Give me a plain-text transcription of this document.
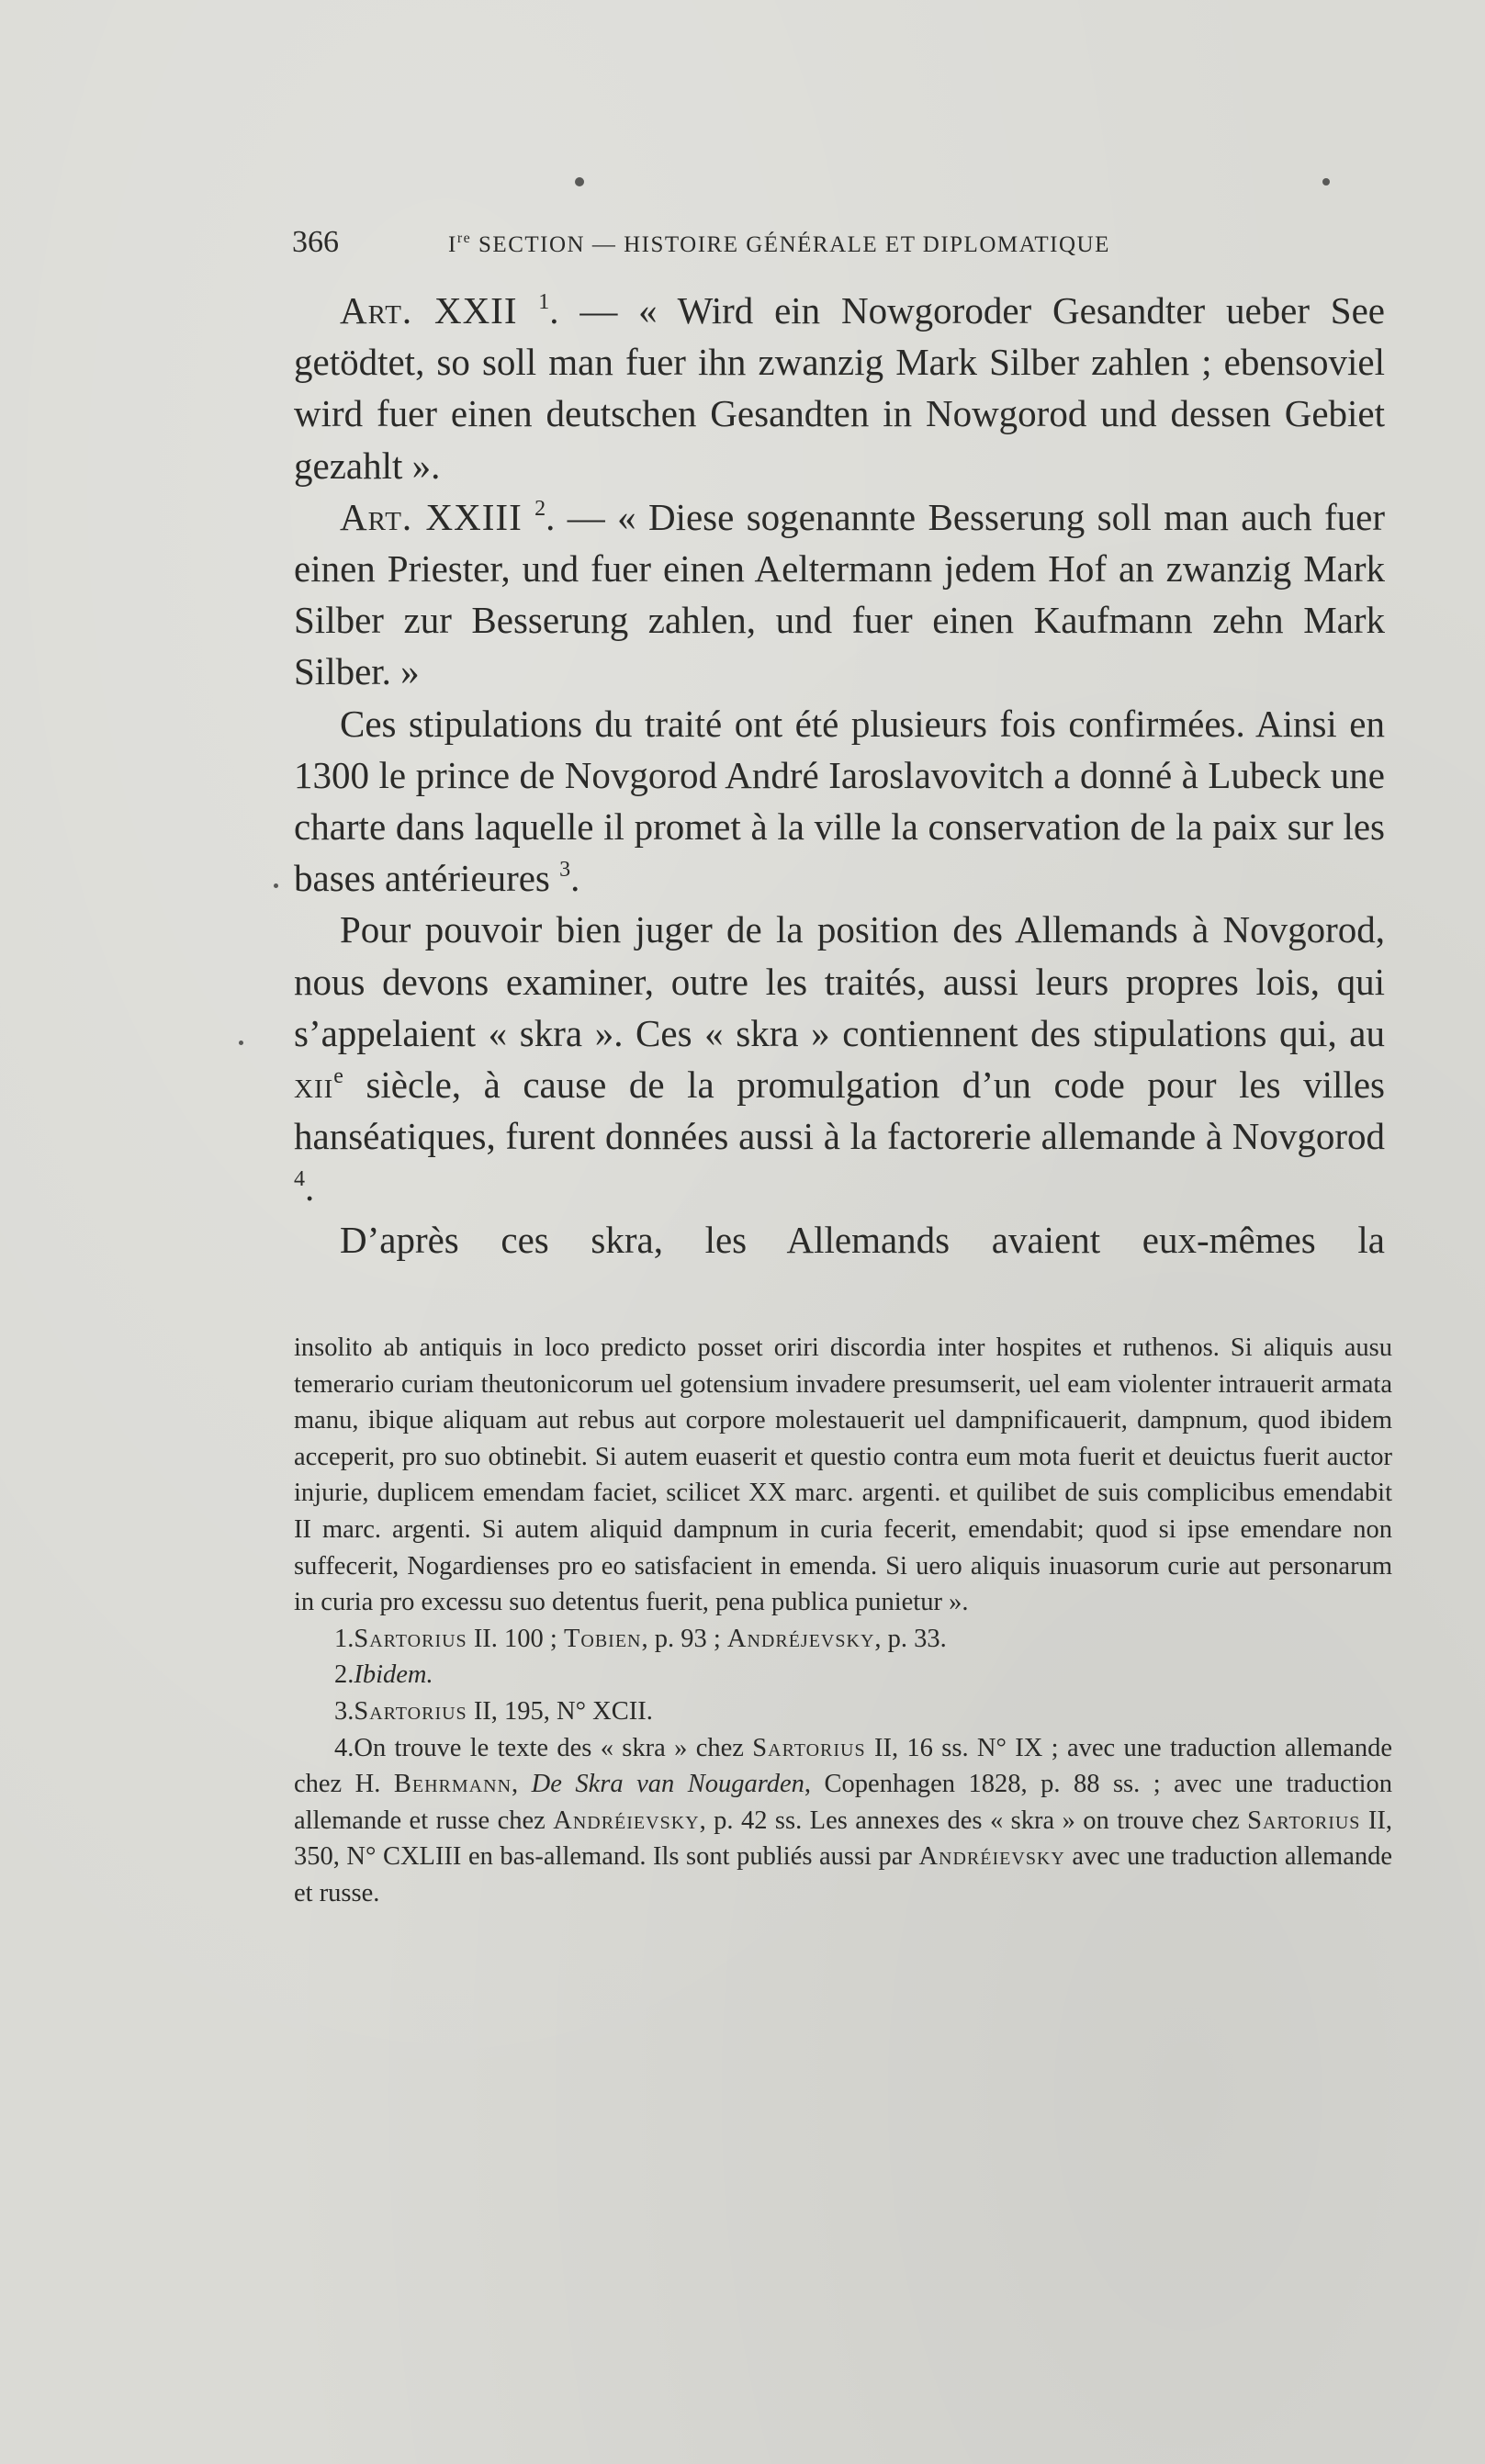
366	Ire SECTION — HISTOIRE GÉNÉRALE ET DIPLOMATIQUE

Art. XXII $^1$. — « Wird ein Nowgoroder Gesandter ueber See getödtet, so soll man fuer ihn zwanzig Mark Silber zahlen ; ebensoviel wird fuer einen deutschen Gesandten in Nowgorod und dessen Gebiet gezahlt ».

Art. XXIII $^2$. — « Diese sogenannte Besserung soll man auch fuer einen Priester, und fuer einen Aeltermann jedem Hof an zwanzig Mark Silber zur Besserung zahlen, und fuer einen Kaufmann zehn Mark Silber. »

Ces stipulations du traité ont été plusieurs fois confirmées. Ainsi en 1300 le prince de Novgorod André Iaroslavovitch a donné à Lubeck une charte dans laquelle il promet à la ville la conservation de la paix sur les bases antérieures $^3$.

Pour pouvoir bien juger de la position des Allemands à Novgorod, nous devons examiner, outre les traités, aussi leurs propres lois, qui s’appelaient « skra ». Ces « skra » contiennent des stipulations qui, au xii$^e$ siècle, à cause de la promulgation d’un code pour les villes hanséatiques, furent données aussi à la factorerie allemande à Novgorod $^4$.

D’après ces skra, les Allemands avaient eux-mêmes la

insolito ab antiquis in loco predicto posset oriri discordia inter hospites et ruthenos. Si aliquis ausu temerario curiam theutonicorum uel gotensium invadere presumserit, uel eam violenter intrauerit armata manu, ibique aliquam aut rebus aut corpore molestauerit uel dampnificauerit, dampnum, quod ibidem acceperit, pro suo obtinebit. Si autem euaserit et questio contra eum mota fuerit et deuictus fuerit auctor injurie, duplicem emendam faciet, scilicet XX marc. argenti. et quilibet de suis complicibus emendabit II marc. argenti. Si autem aliquid dampnum in curia fecerit, emendabit; quod si ipse emendare non suffecerit, Nogardienses pro eo satisfacient in emenda. Si uero aliquis inuasorum curie aut personarum in curia pro excessu suo detentus fuerit, pena publica punietur ».

1.Sartorius II. 100 ; Tobien, p. 93 ; Andréjevsky, p. 33.

2.Ibidem.

3.Sartorius II, 195, N° XCII.

4.On trouve le texte des « skra » chez Sartorius II, 16 ss. N° IX ; avec une traduction allemande chez H. Behrmann, De Skra van Nougarden, Copenhagen 1828, p. 88 ss. ; avec une traduction allemande et russe chez Andréievsky, p. 42 ss. Les annexes des « skra » on trouve chez Sartorius II, 350, N° CXLIII en bas-allemand. Ils sont publiés aussi par Andréievsky avec une traduction allemande et russe.
